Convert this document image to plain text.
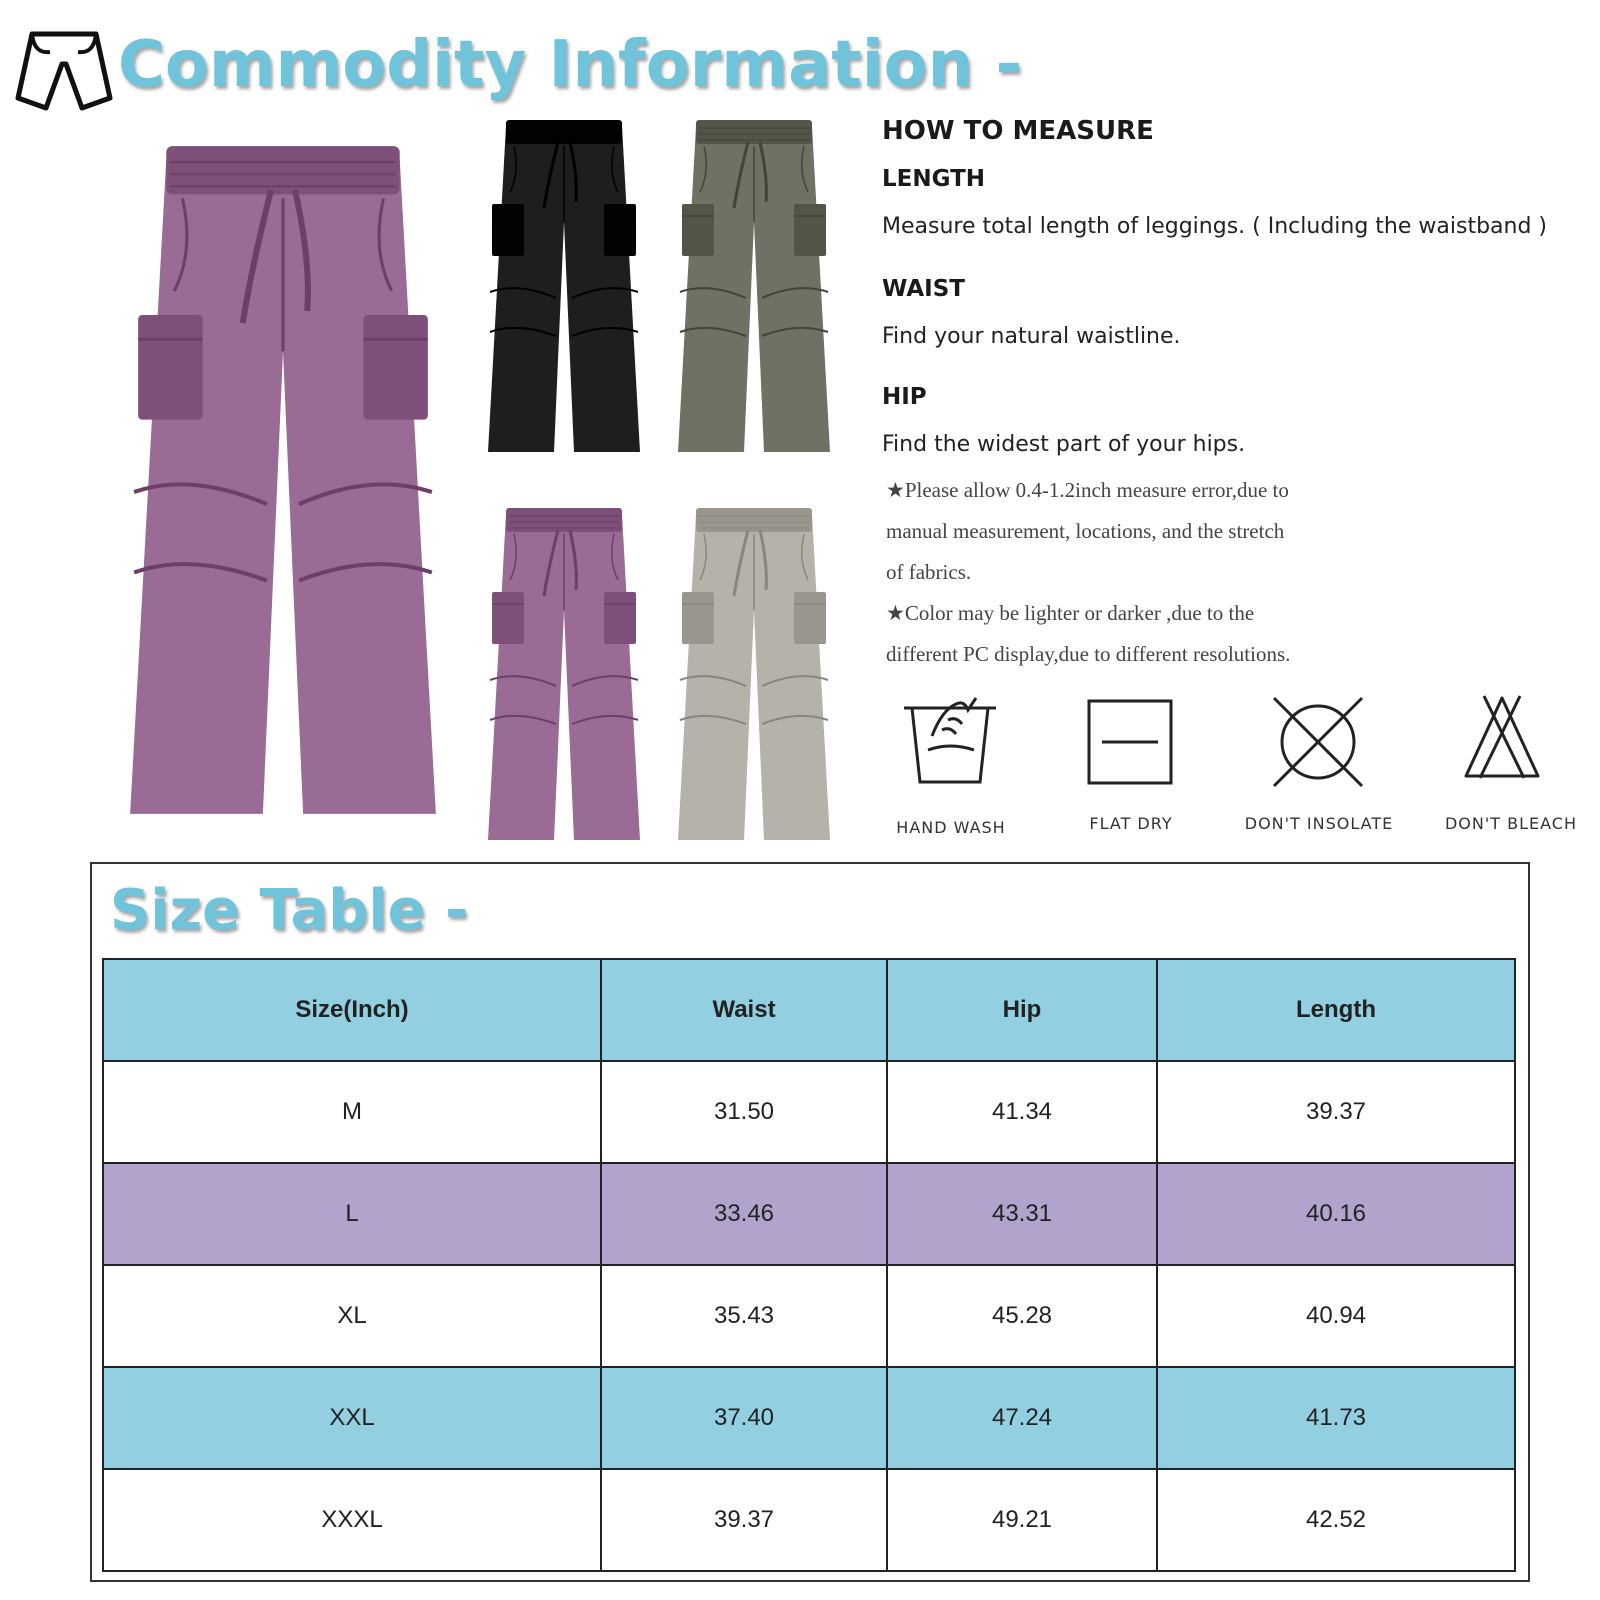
Commodity Information -
HOW TO MEASURE
LENGTH
Measure total length of leggings. ( Including the waistband )
WAIST
Find your natural waistline.
HIP
Find the widest part of your hips.
★Please allow 0.4-1.2inch measure error,due to
manual measurement, locations, and the stretch
of fabrics.
★Color may be lighter or darker ,due to the
different PC display,due to different resolutions.
HAND WASH	FLAT DRY	DON'T INSOLATE	DON'T BLEACH
Size Table -
Size(Inch)	Waist	Hip	Length
M	31.50	41.34	39.37
L	33.46	43.31	40.16
XL	35.43	45.28	40.94
XXL	37.40	47.24	41.73
XXXL	39.37	49.21	42.52
